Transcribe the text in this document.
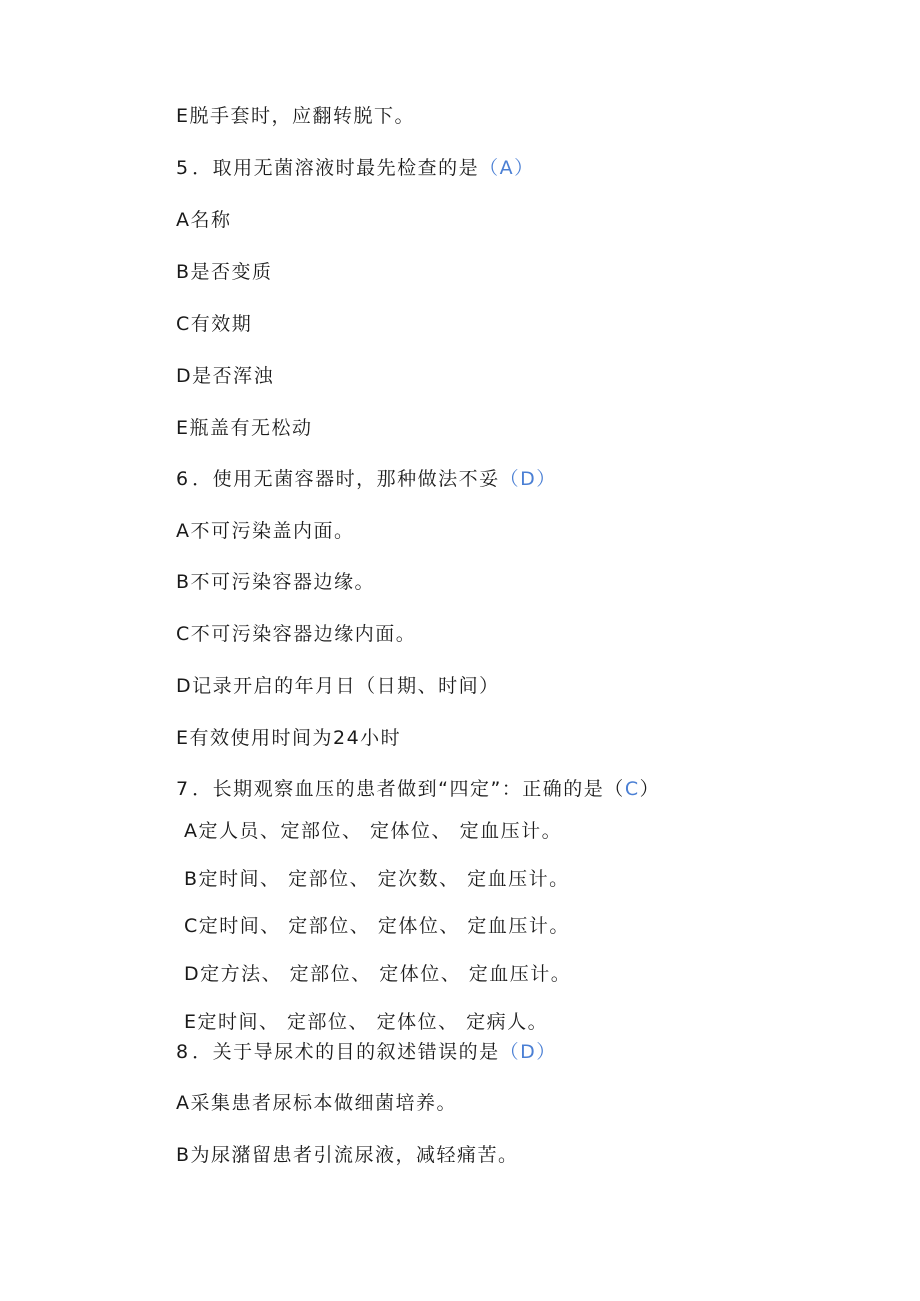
E脱手套时，应翻转脱下。
5．取用无菌溶液时最先检查的是（A）
A名称
B是否变质
C有效期
D是否浑浊
E瓶盖有无松动
6．使用无菌容器时，那种做法不妥（D）
A不可污染盖内面。
B不可污染容器边缘。
C不可污染容器边缘内面。
D记录开启的年月日（日期、时间）
E有效使用时间为24小时
7．长期观察血压的患者做到“四定”：正确的是（C）
A定人员、定部位、 定体位、 定血压计。
B定时间、 定部位、 定次数、 定血压计。
C定时间、 定部位、 定体位、 定血压计。
D定方法、 定部位、 定体位、 定血压计。
E定时间、 定部位、 定体位、 定病人。
8．关于导尿术的目的叙述错误的是（D）
A采集患者尿标本做细菌培养。
B为尿潴留患者引流尿液，减轻痛苦。
